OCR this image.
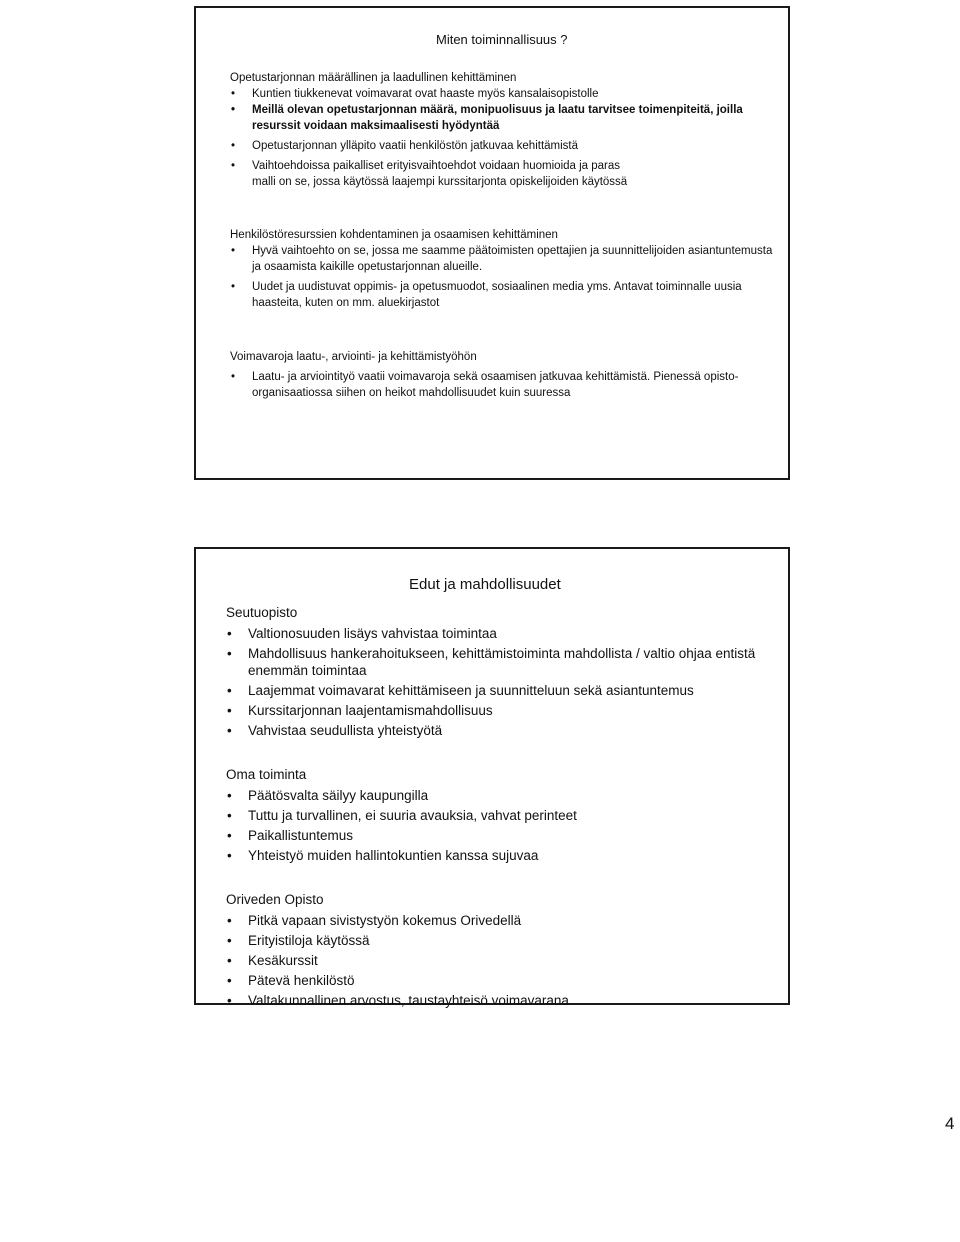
Miten toiminnallisuus ?
Opetustarjonnan määrällinen ja laadullinen kehittäminen
• Kuntien tiukkenevat voimavarat ovat haaste myös kansalaisopistolle
• Meillä olevan opetustarjonnan määrä, monipuolisuus ja laatu tarvitsee toimenpiteitä, joilla resurssit voidaan maksimaalisesti hyödyntää
• Opetustarjonnan ylläpito vaatii henkilöstön jatkuvaa kehittämistä
• Vaihtoehdoissa paikalliset erityisvaihtoehdot voidaan huomioida ja paras
malli on se, jossa käytössä laajempi kurssitarjonta opiskelijoiden käytössä
Henkilöstöresurssien kohdentaminen ja osaamisen kehittäminen
• Hyvä vaihtoehto on se, jossa me saamme päätoimisten opettajien ja suunnittelijoiden asiantuntemusta ja osaamista kaikille opetustarjonnan alueille.
• Uudet ja uudistuvat oppimis- ja opetusmuodot, sosiaalinen media yms. Antavat toiminnalle uusia haasteita, kuten on mm. aluekirjastot
Voimavaroja laatu-, arviointi- ja kehittämistyöhön
• Laatu- ja arviointityö vaatii voimavaroja sekä osaamisen jatkuvaa kehittämistä. Pienessä opisto-organisaatiossa siihen on heikot mahdollisuudet kuin suuressa
Edut ja mahdollisuudet
Seutuopisto
• Valtionosuuden lisäys vahvistaa toimintaa
• Mahdollisuus hankerahoitukseen, kehittämistoiminta mahdollista / valtio ohjaa entistä enemmän toimintaa
• Laajemmat voimavarat kehittämiseen ja suunnitteluun sekä asiantuntemus
• Kurssitarjonnan laajentamismahdollisuus
• Vahvistaa seudullista yhteistyötä
Oma toiminta
• Päätösvalta säilyy kaupungilla
• Tuttu ja turvallinen, ei suuria avauksia, vahvat perinteet
• Paikallistuntemus
• Yhteistyö muiden hallintokuntien kanssa sujuvaa
Oriveden Opisto
• Pitkä vapaan sivistystyön kokemus Orivedellä
• Erityistiloja käytössä
• Kesäkurssit
• Pätevä henkilöstö
• Valtakunnallinen arvostus, taustayhteisö voimavarana
4
